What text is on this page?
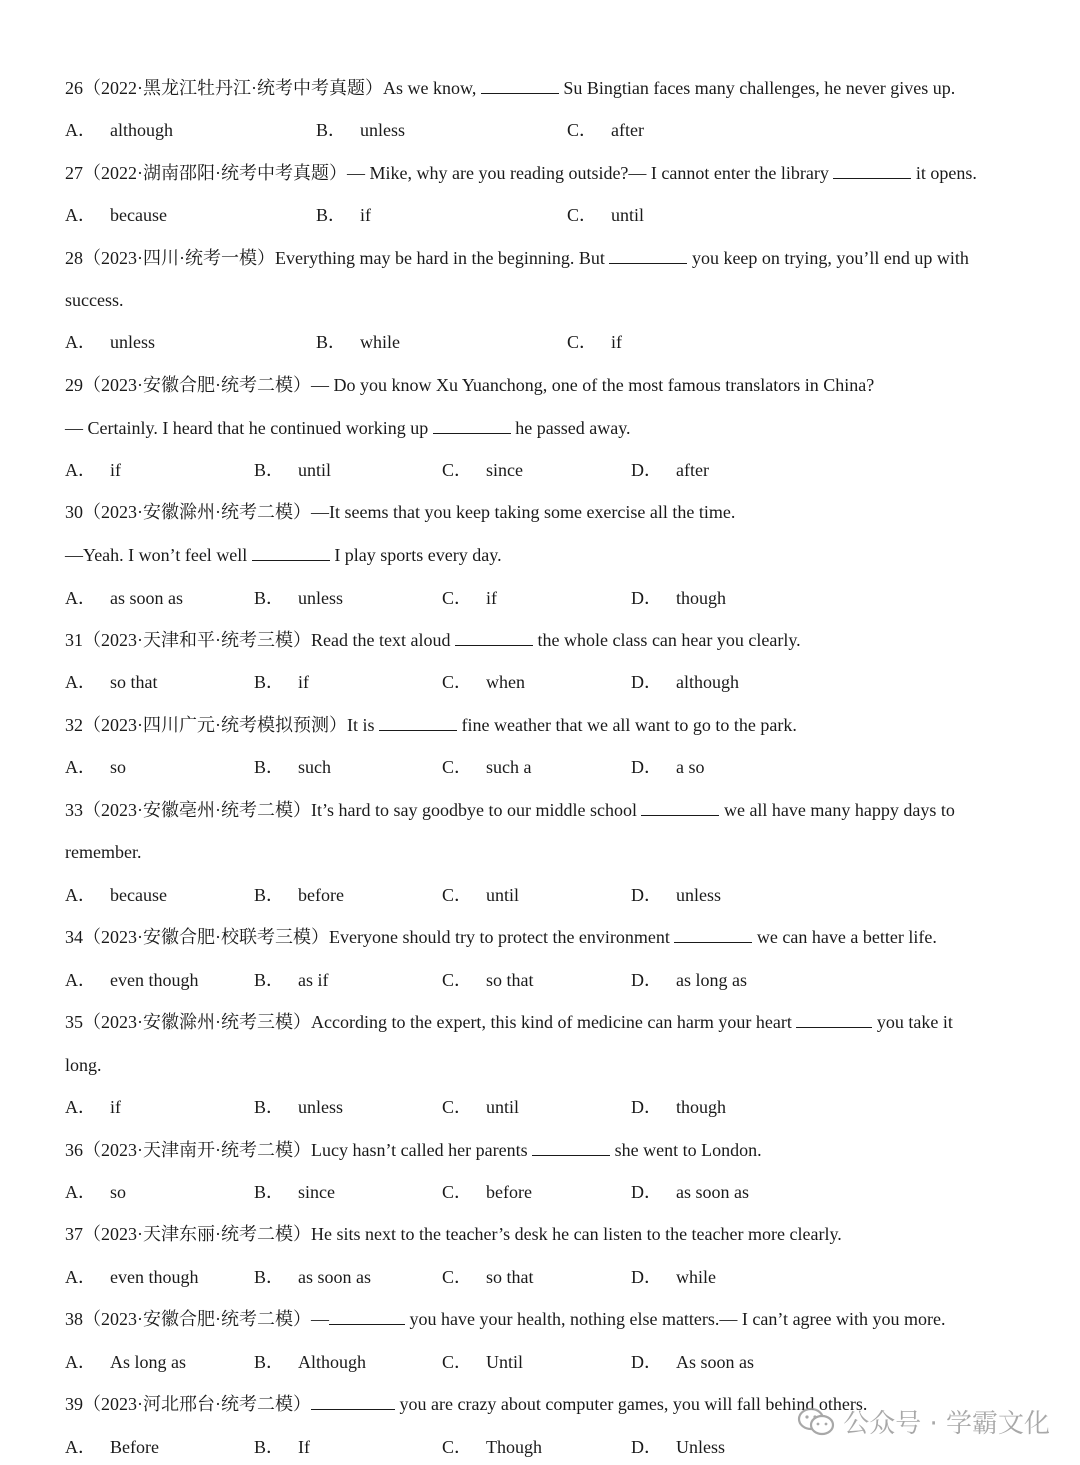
26（2022·黑龙江牡丹江·统考中考真题）As we know,	Su Bingtian faces many challenges, he never gives up.
A． although	B． unless	C． after
27（2022·湖南邵阳·统考中考真题）— Mike, why are you reading outside?— I cannot enter the library	it opens.
A． because	B． if	C． until
28（2023·四川·统考一模）Everything may be hard in the beginning. But	you keep on trying, you’ll end up with
success.
A． unless	B． while	C． if
29（2023·安徽合肥·统考二模）— Do you know Xu Yuanchong, one of the most famous translators in China?
— Certainly. I heard that he continued working up	he passed away.
A． if	B． until	C． since	D． after
30（2023·安徽滁州·统考二模）—It seems that you keep taking some exercise all the time.
—Yeah. I won’t feel well	I play sports every day.
A． as soon as	B． unless	C． if	D． though
31（2023·天津和平·统考三模）Read the text aloud	the whole class can hear you clearly.
A． so that	B． if	C． when	D． although
32（2023·四川广元·统考模拟预测）It is	fine weather that we all want to go to the park.
A． so	B． such	C． such a	D． a so
33（2023·安徽亳州·统考二模）It’s hard to say goodbye to our middle school	we all have many happy days to
remember.
A． because	B． before	C． until	D． unless
34（2023·安徽合肥·校联考三模）Everyone should try to protect the environment	we can have a better life.
A． even though	B． as if	C． so that	D． as long as
35（2023·安徽滁州·统考三模）According to the expert, this kind of medicine can harm your heart	you take it
long.
A． if	B． unless	C． until	D． though
36（2023·天津南开·统考二模）Lucy hasn’t called her parents	she went to London.
A． so	B． since	C． before	D． as soon as
37（2023·天津东丽·统考二模）He sits next to the teacher’s desk he can listen to the teacher more clearly.
A． even though	B． as soon as	C． so that	D． while
38（2023·安徽合肥·统考二模）—	you have your health, nothing else matters.— I can’t agree with you more.
A． As long as	B． Although	C． Until	D． As soon as
39（2023·河北邢台·统考二模）	you are crazy about computer games, you will fall behind others.
A． Before	B． If	C． Though	D． Unless
公众号 · 学霸文化
